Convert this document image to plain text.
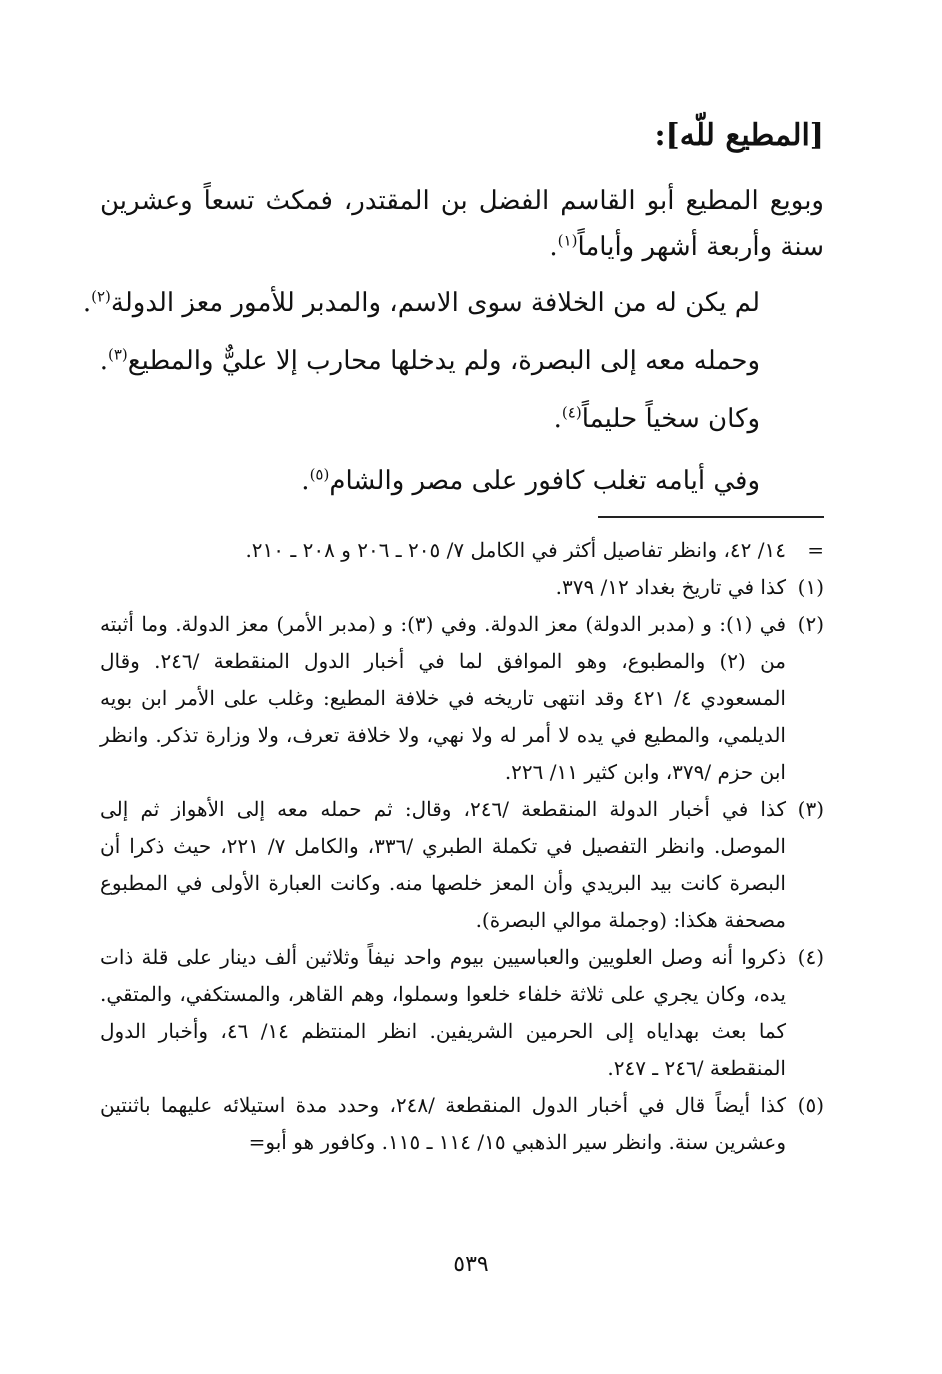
[المطيع للّه]:

وبويع المطيع أبو القاسم الفضل بن المقتدر، فمكث تسعاً وعشرين سنة وأربعة أشهر وأياماً$^{(١)}$.

لم يكن له من الخلافة سوى الاسم، والمدبر للأمور معز الدولة$^{(٢)}$.

وحمله معه إلى البصرة، ولم يدخلها محارب إلا عليٌّ والمطيع$^{(٣)}$.

وكان سخياً حليماً$^{(٤)}$.

وفي أيامه تغلب كافور على مصر والشام$^{(٥)}$.

=
١٤/ ٤٢، وانظر تفاصيل أكثر في الكامل ٧/ ٢٠٥ ـ ٢٠٦ و ٢٠٨ ـ ٢١٠.
(١)
كذا في تاريخ بغداد ١٢/ ٣٧٩.
(٢)
في (١): و (مدبر الدولة) معز الدولة. وفي (٣): و (مدبر الأمر) معز الدولة. وما أثبته من (٢) والمطبوع، وهو الموافق لما في أخبار الدول المنقطعة /٢٤٦. وقال المسعودي ٤/ ٤٢١ وقد انتهى تاريخه في خلافة المطيع: وغلب على الأمر ابن بويه الديلمي، والمطيع في يده لا أمر له ولا نهي، ولا خلافة تعرف، ولا وزارة تذكر. وانظر ابن حزم /٣٧٩، وابن كثير ١١/ ٢٢٦.
(٣)
كذا في أخبار الدولة المنقطعة /٢٤٦، وقال: ثم حمله معه إلى الأهواز ثم إلى الموصل. وانظر التفصيل في تكملة الطبري /٣٣٦، والكامل ٧/ ٢٢١، حيث ذكرا أن البصرة كانت بيد البريدي وأن المعز خلصها منه. وكانت العبارة الأولى في المطبوع مصحفة هكذا: (وجملة موالي البصرة).
(٤)
ذكروا أنه وصل العلويين والعباسيين بيوم واحد نيفاً وثلاثين ألف دينار على قلة ذات يده، وكان يجري على ثلاثة خلفاء خلعوا وسملوا، وهم القاهر، والمستكفي، والمتقي. كما بعث بهداياه إلى الحرمين الشريفين. انظر المنتظم ١٤/ ٤٦، وأخبار الدول المنقطعة /٢٤٦ ـ ٢٤٧.
(٥)
كذا أيضاً قال في أخبار الدول المنقطعة /٢٤٨، وحدد مدة استيلائه عليهما باثنتين وعشرين سنة. وانظر سير الذهبي ١٥/ ١١٤ ـ ١١٥. وكافور هو أبو=
٥٣٩
